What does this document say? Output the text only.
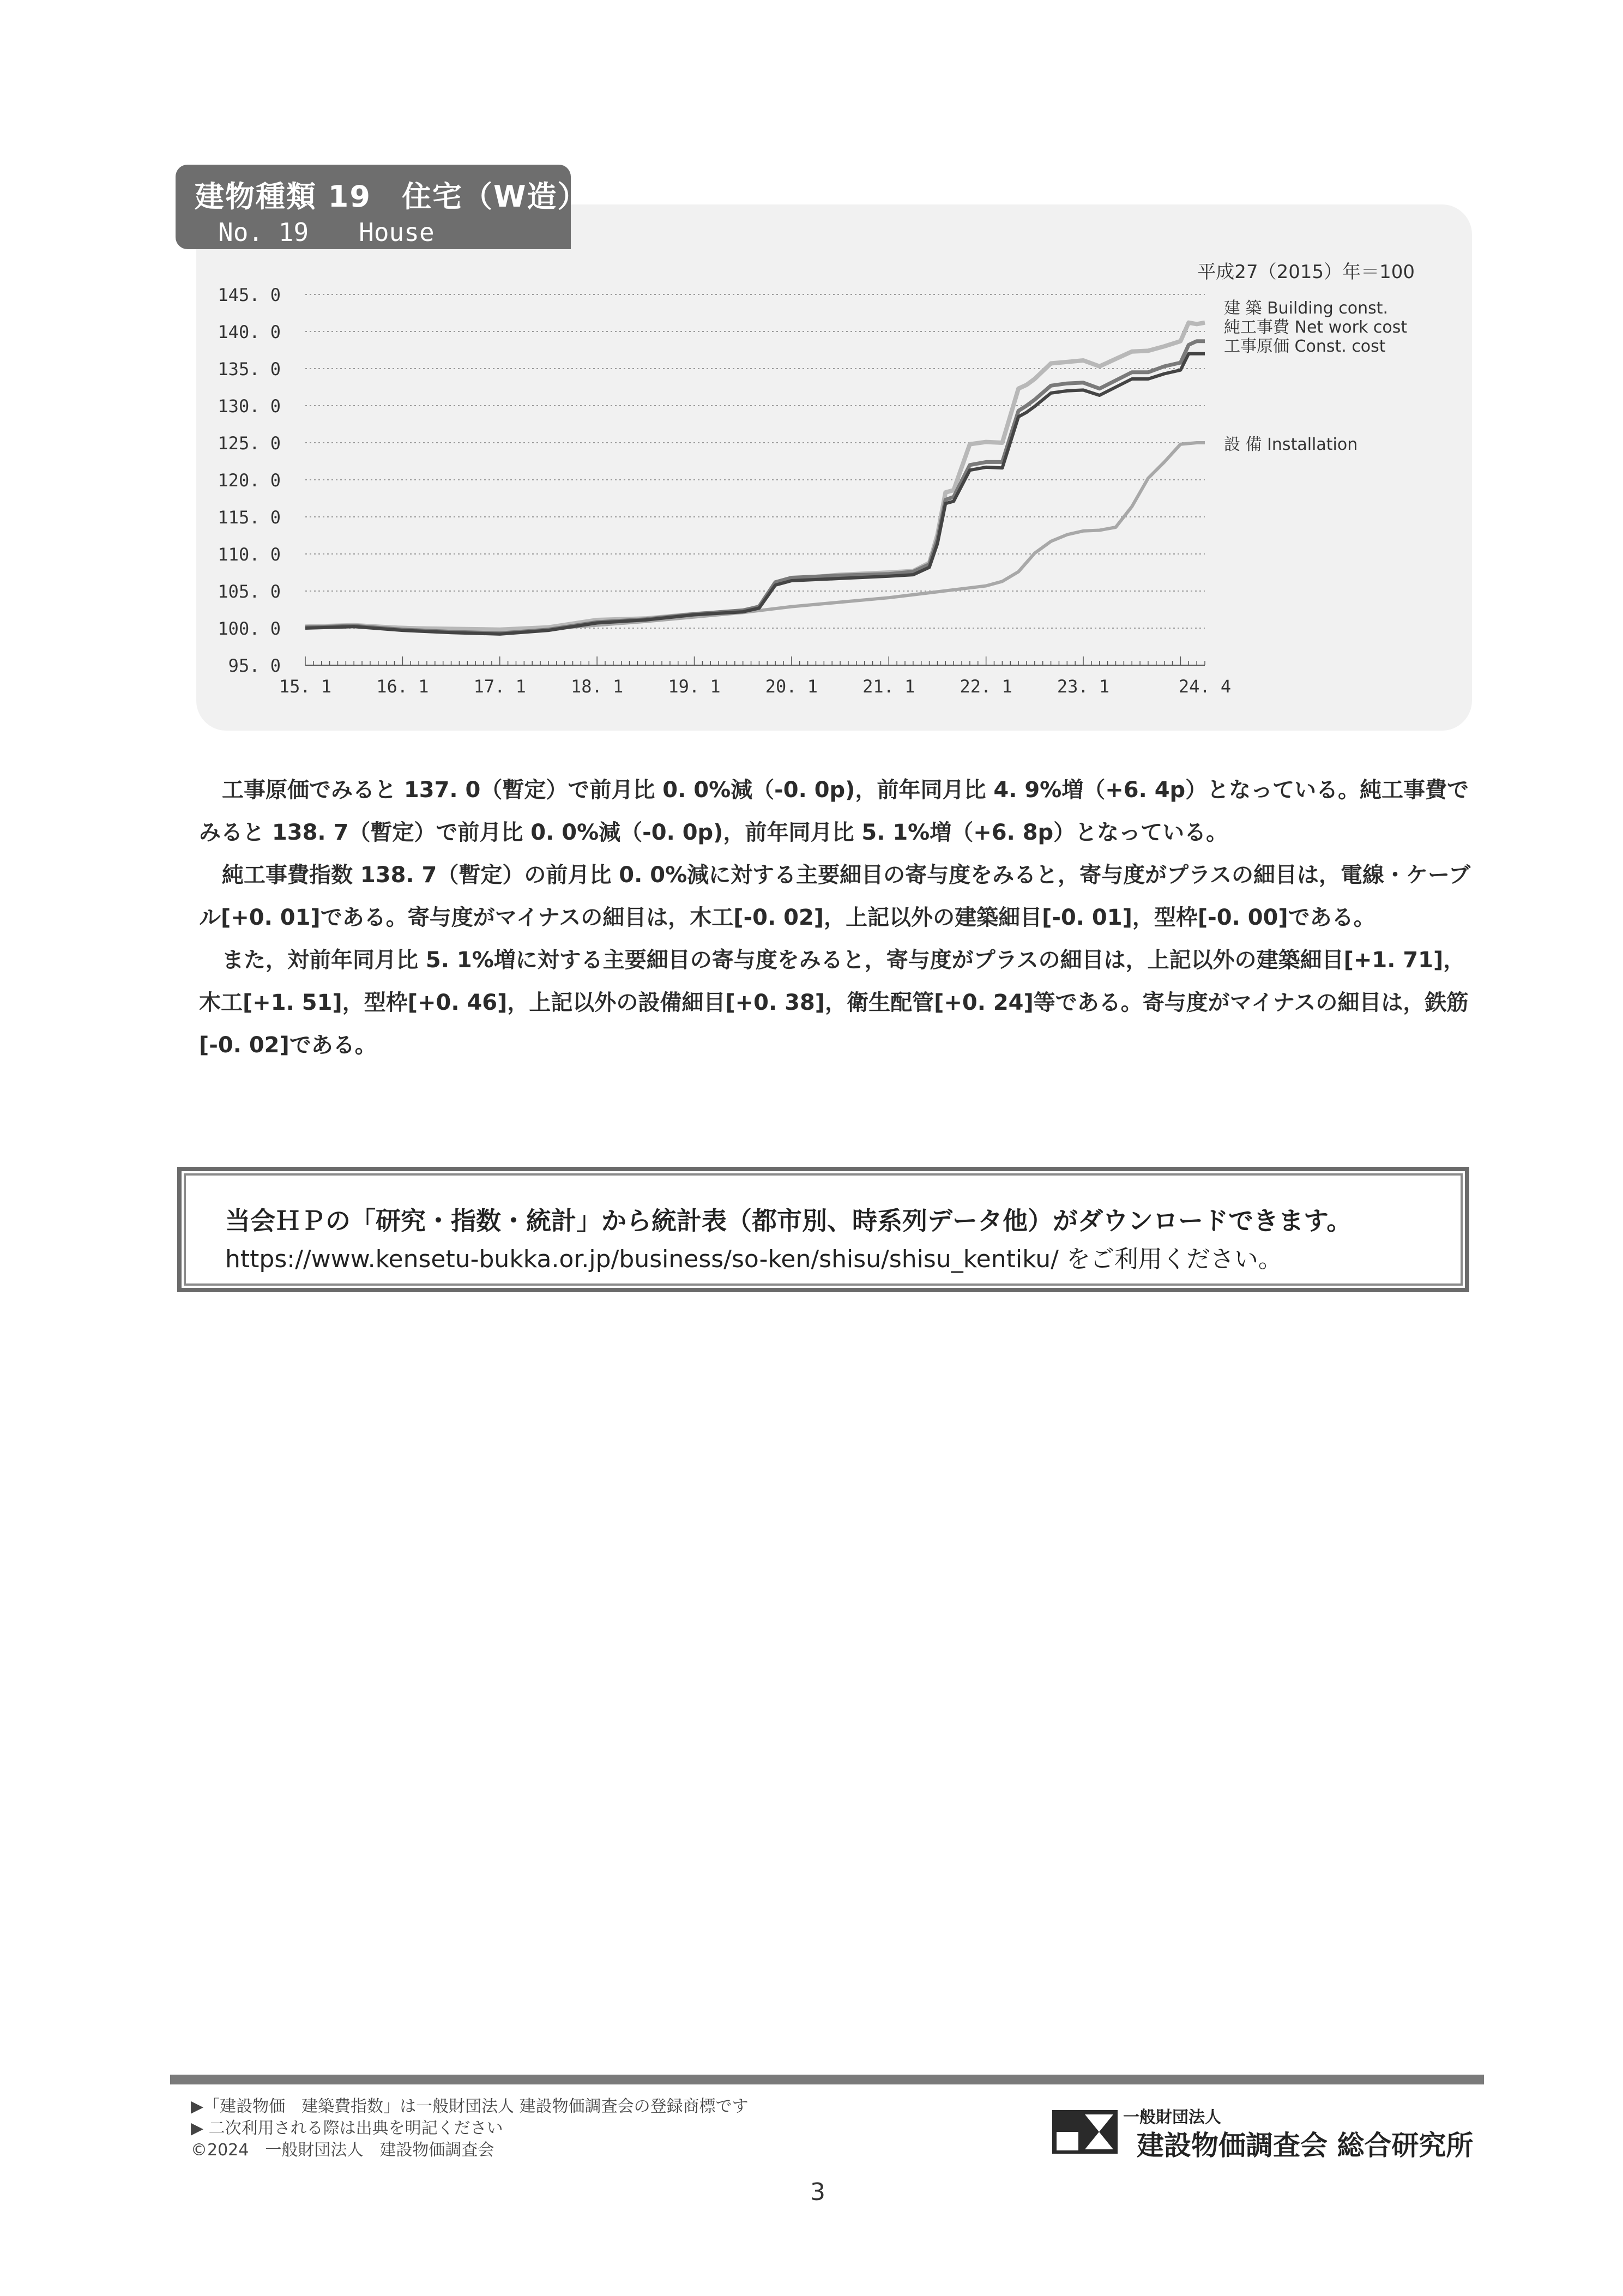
95. 0
100. 0
105. 0
110. 0
115. 0
120. 0
125. 0
130. 0
135. 0
140. 0
145. 0
15. 1	16. 1	17. 1	18. 1	19. 1	20. 1	21. 1	22. 1	23. 1	24. 4
平成27（2015）年＝100
建 築 Building const.
純工事費 Net work cost
工事原価 Const. cost
設 備 Installation
建物種類 19　住宅（W造）
No. 19　　House

工事原価でみると 137. 0（暫定）で前月比 0. 0%減（-0. 0p)，前年同月比 4. 9%増（+6. 4p）となっている。純工事費でみると 138. 7（暫定）で前月比 0. 0%減（-0. 0p)，前年同月比 5. 1%増（+6. 8p）となっている。

純工事費指数 138. 7（暫定）の前月比 0. 0%減に対する主要細目の寄与度をみると，寄与度がプラスの細目は，電線・ケーブル[+0. 01]である。寄与度がマイナスの細目は，木工[-0. 02]，上記以外の建築細目[-0. 01]，型枠[-0. 00]である。

また，対前年同月比 5. 1%増に対する主要細目の寄与度をみると，寄与度がプラスの細目は，上記以外の建築細目[+1. 71]，木工[+1. 51]，型枠[+0. 46]，上記以外の設備細目[+0. 38]，衛生配管[+0. 24]等である。寄与度がマイナスの細目は，鉄筋[-0. 02]である。

当会ＨＰの「研究・指数・統計」から統計表（都市別、時系列データ他）がダウンロードできます。
https://www.kensetu-bukka.or.jp/business/so-ken/shisu/shisu_kentiku/ をご利用ください。
▶「建設物価　建築費指数」は一般財団法人 建設物価調査会の登録商標です
▶ 二次利用される際は出典を明記ください
©2024　一般財団法人　建設物価調査会
一般財団法人
建設物価調査会 総合研究所
3
